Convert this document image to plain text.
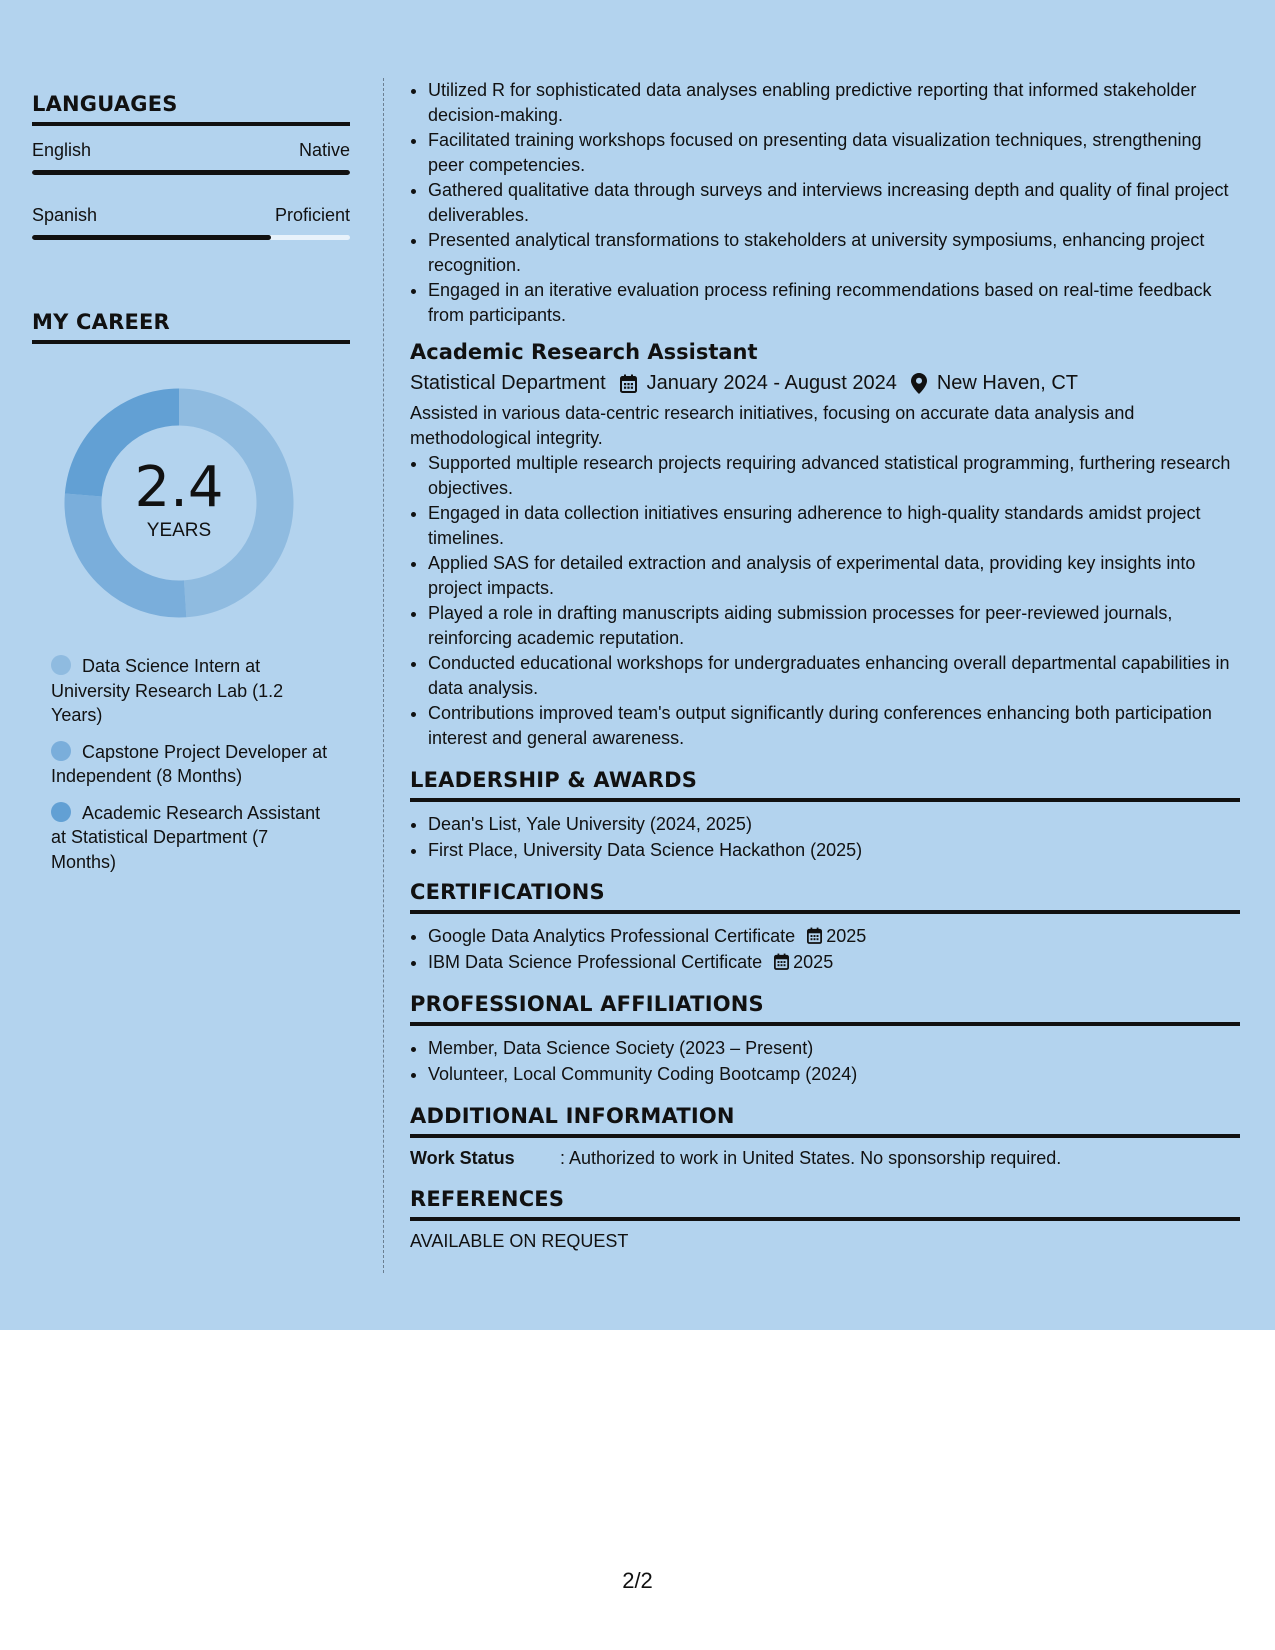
LANGUAGES
English	Native
Spanish	Proficient
MY CAREER
2.4
YEARS
Data Science Intern at University Research Lab (1.2 Years)
Capstone Project Developer at Independent (8 Months)
Academic Research Assistant at Statistical Department (7 Months)
• Utilized R for sophisticated data analyses enabling predictive reporting that informed stakeholder decision-making.
• Facilitated training workshops focused on presenting data visualization techniques, strengthening peer competencies.
• Gathered qualitative data through surveys and interviews increasing depth and quality of final project deliverables.
• Presented analytical transformations to stakeholders at university symposiums, enhancing project recognition.
• Engaged in an iterative evaluation process refining recommendations based on real-time feedback from participants.
Academic Research Assistant
Statistical Department January 2024 - August 2024 New Haven, CT
Assisted in various data-centric research initiatives, focusing on accurate data analysis and methodological integrity.
• Supported multiple research projects requiring advanced statistical programming, furthering research objectives.
• Engaged in data collection initiatives ensuring adherence to high-quality standards amidst project timelines.
• Applied SAS for detailed extraction and analysis of experimental data, providing key insights into project impacts.
• Played a role in drafting manuscripts aiding submission processes for peer-reviewed journals, reinforcing academic reputation.
• Conducted educational workshops for undergraduates enhancing overall departmental capabilities in data analysis.
• Contributions improved team's output significantly during conferences enhancing both participation interest and general awareness.
LEADERSHIP & AWARDS
• Dean's List, Yale University (2024, 2025)
• First Place, University Data Science Hackathon (2025)
CERTIFICATIONS
• Google Data Analytics Professional Certificate 2025
• IBM Data Science Professional Certificate 2025
PROFESSIONAL AFFILIATIONS
• Member, Data Science Society (2023 – Present)
• Volunteer, Local Community Coding Bootcamp (2024)
ADDITIONAL INFORMATION
Work Status	: Authorized to work in United States. No sponsorship required.
REFERENCES
AVAILABLE ON REQUEST
2/2
